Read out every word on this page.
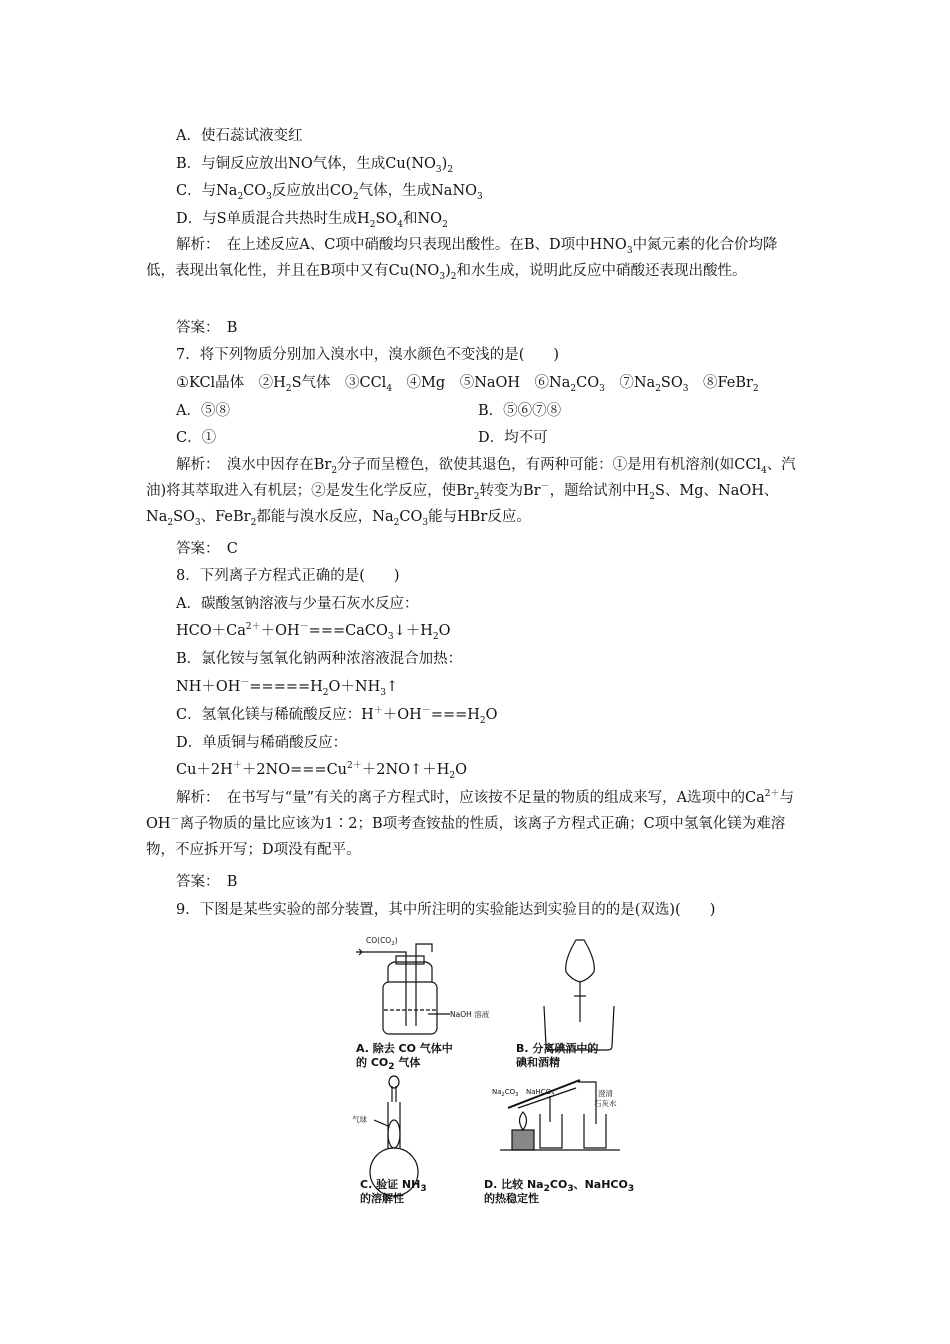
A．使石蕊试液变红
B．与铜反应放出NO气体，生成$Cu(NO_3)_2$
C．与$Na_2CO_3$反应放出$CO_2$气体，生成NaNO$_3$
D．与S单质混合共热时生成$H_2SO_4$和$NO_2$
解析：　在上述反应A、C项中硝酸均只表现出酸性。在B、D项中$HNO_3$中氮元素的化合价均降低，表现出氧化性，并且在B项中又有$Cu(NO_3)_2$和水生成，说明此反应中硝酸还表现出酸性。
答案：　B
7．将下列物质分别加入溴水中，溴水颜色不变浅的是(　　)
①KCl晶体　$②H_2S$气体　③CCl$_4$　④Mg　⑤NaOH　$⑥Na_2CO_3$　$⑦Na_2SO_3$　⑧FeBr$_2$
A．⑤⑧	B．⑤⑥⑦⑧
C．①	D．均不可
解析：　溴水中因存在$Br_2$分子而呈橙色，欲使其退色，有两种可能：①是用有机溶剂(如CCl$_4$、汽油)将其萃取进入有机层；②是发生化学反应，使$Br_2$转变为Br－，题给试剂中$H_2S$、Mg、NaOH、$Na_2SO_3$、FeBr$_2$都能与溴水反应，$Na_2CO_3$能与HBr反应。
答案：　C
8．下列离子方程式正确的是(　　)
A．碳酸氢钠溶液与少量石灰水反应：
$HCO+Ca^{2+}+OH^-===CaCO_3↓+H_2O$
B．氯化铵与氢氧化钠两种浓溶液混合加热：
$NH+OH^-=====H_2O+NH_3↑$
C．氢氧化镁与稀硫酸反应：$H^++OH^-===H_2O$
D．单质铜与稀硝酸反应：
$Cu+2H^++2NO===Cu^{2+}+2NO↑+H_2O$
解析：　在书写与“量”有关的离子方程式时，应该按不足量的物质的组成来写，A选项中的$Ca^{2+}$与OH－离子物质的量比应该为1∶2；B项考查铵盐的性质，该离子方程式正确；C项中氢氧化镁为难溶物，不应拆开写；D项没有配平。
答案：　B
9．下图是某些实验的部分装置，其中所注明的实验能达到实验目的的是(双选)(　　)
$CO(CO_2)$
NaOH 溶液
气球
$Na_2CO_3$ NaHCO$_3$	澄清
石灰水
A. 除去 CO 气体中
的 $CO_2$ 气体
B. 分离碘酒中的
碘和酒精
C. 验证 $NH_3$
的溶解性
D. 比较 $Na_2CO_3$、NaHCO$_3$
的热稳定性
